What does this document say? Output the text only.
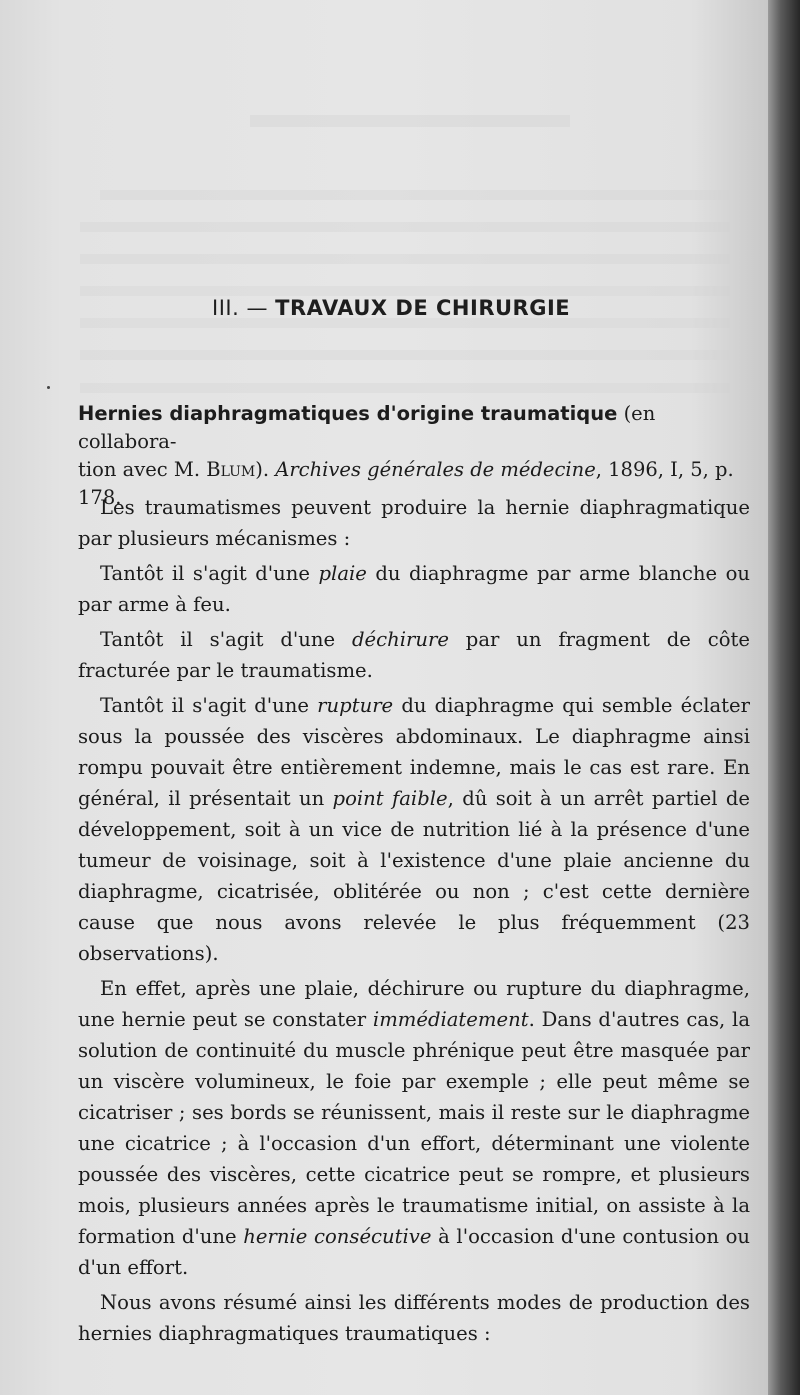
III. — TRAVAUX DE CHIRURGIE
Hernies diaphragmatiques d'origine traumatique (en collabora-
tion avec M. Blum). Archives générales de médecine, 1896, I, 5, p. 178.

Les traumatismes peuvent produire la hernie diaphragmatique par plusieurs mécanismes :

Tantôt il s'agit d'une plaie du diaphragme par arme blanche ou par arme à feu.

Tantôt il s'agit d'une déchirure par un fragment de côte fracturée par le traumatisme.

Tantôt il s'agit d'une rupture du diaphragme qui semble éclater sous la poussée des viscères abdominaux. Le diaphragme ainsi rompu pouvait être entièrement indemne, mais le cas est rare. En général, il présentait un point faible, dû soit à un arrêt partiel de développement, soit à un vice de nutrition lié à la présence d'une tumeur de voisinage, soit à l'existence d'une plaie ancienne du diaphragme, cicatrisée, oblitérée ou non ; c'est cette dernière cause que nous avons relevée le plus fréquemment (23 observations).

En effet, après une plaie, déchirure ou rupture du diaphragme, une hernie peut se constater immédiatement. Dans d'autres cas, la solution de continuité du muscle phrénique peut être masquée par un viscère volumineux, le foie par exemple ; elle peut même se cicatriser ; ses bords se réunissent, mais il reste sur le diaphragme une cicatrice ; à l'occasion d'un effort, déterminant une violente poussée des viscères, cette cicatrice peut se rompre, et plusieurs mois, plusieurs années après le traumatisme initial, on assiste à la formation d'une hernie consécutive à l'occasion d'une contusion ou d'un effort.

Nous avons résumé ainsi les différents modes de production des hernies diaphragmatiques traumatiques :
